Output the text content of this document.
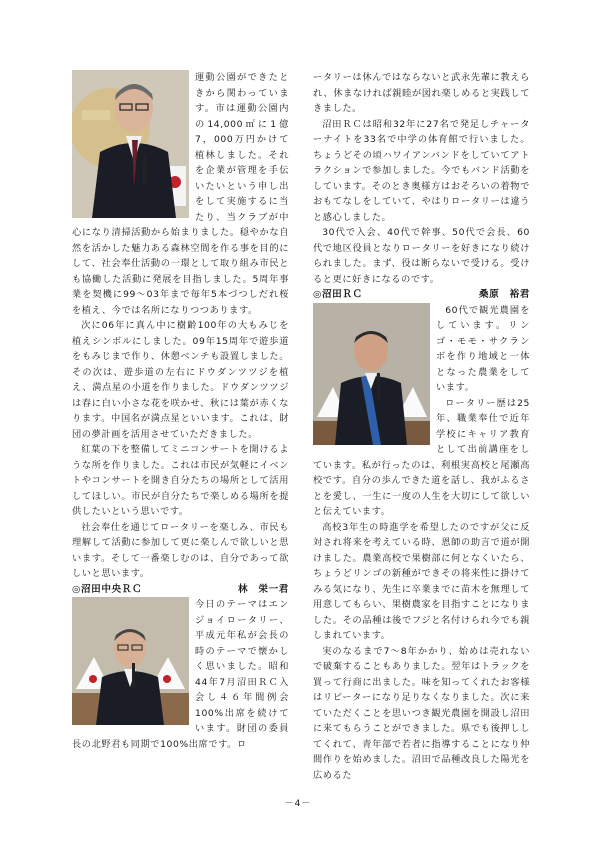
運動公園ができたときから関わっています。市は運動公園内の14,000㎡に1億7，000万円かけて植林しました。それを企業が管理を手伝いたいという申し出をして実施するに当たり、当クラブが中心になり清掃活動から始まりました。穏やかな自然を活かした魅力ある森林空間を作る事を目的にして、社会奉仕活動の一環として取り組み市民とも協働した活動に発展を目指しました。5周年事業を契機に99～03年まで毎年5本づつしだれ桜を植え、今では名所になりつつあります。

次に06年に真ん中に樹齢100年の大もみじを植えシンボルにしました。09年15周年で遊歩道をもみじまで作り、休憩ベンチも設置しました。その次は、遊歩道の左右にドウダンツツジを植え、満点星の小道を作りました。ドウダンツツジは春に白い小さな花を咲かせ、秋には葉が赤くなります。中国名が満点星といいます。これは、財団の夢計画を活用させていただきました。

紅葉の下を整備してミニコンサートを開けるような所を作りました。これは市民が気軽にイベントやコンサートを開き自分たちの場所として活用してほしい。市民が自分たちで楽しめる場所を提供したいという思いです。

社会奉仕を通じてロータリーを楽しみ、市民も理解して活動に参加して更に楽しんで欲しいと思います。そして一番楽しむのは、自分であって欲しいと思います。

◎沼田中央ＲＣ	林　栄一君

今日のテーマはエンジョイロータリー、平成元年私が会長の時のテーマで懐かしく思いました。昭和44年7月沼田ＲＣ入会し４６年間例会100%出席を続けています。財団の委員長の北野君も同期で100%出席です。ロ

ータリーは休んではならないと武永先輩に教えられ、休まなければ親睦が図れ楽しめると実践してきました。

沼田ＲＣは昭和32年に27名で発足しチャーターナイトを33名で中学の体育館で行いました。ちょうどその頃ハワイアンバンドをしていてアトラクションで参加しました。今でもバンド活動をしています。そのとき奥様方はおそろいの着物でおもてなしをしていて、やはりロータリーは違うと感心しました。

30代で入会、40代で幹事、50代で会長、60代で地区役員となりロータリーを好きになり続けられました。まず、役は断らないで受ける。受けると更に好きになるのです。

◎沼田ＲＣ	桑原　裕君

60代で観光農園をしています。リンゴ・モモ・サクランボを作り地域と一体となった農業をしています。

ロータリー歴は25年、職業奉仕で近年学校にキャリア教育として出前講座をしています。私が行ったのは、利根実高校と尾瀬高校です。自分の歩んできた道を話し、我がふるさとを愛し、一生に一度の人生を大切にして欲しいと伝えています。

高校3年生の時進学を希望したのですが父に反対され将来を考えている時、恩師の助言で道が開けました。農業高校で果樹部に何となくいたら、ちょうどリンゴの新種ができその将来性に掛けてみる気になり、先生に卒業までに苗木を無理して用意してもらい、果樹農家を目指すことになりました。その品種は後でフジと名付けられ今でも親しまれています。

実のなるまで7～8年かかり、始めは売れないで破棄することもありました。翌年はトラックを買って行商に出ました。味を知ってくれたお客様はリピーターになり足りなくなりました。次に来ていただくことを思いつき観光農園を開設し沼田に来てもらうことができました。県でも後押ししてくれて、青年部で若者に指導することになり仲間作りを始めました。沼田で品種改良した陽光を広めるた

－4－
